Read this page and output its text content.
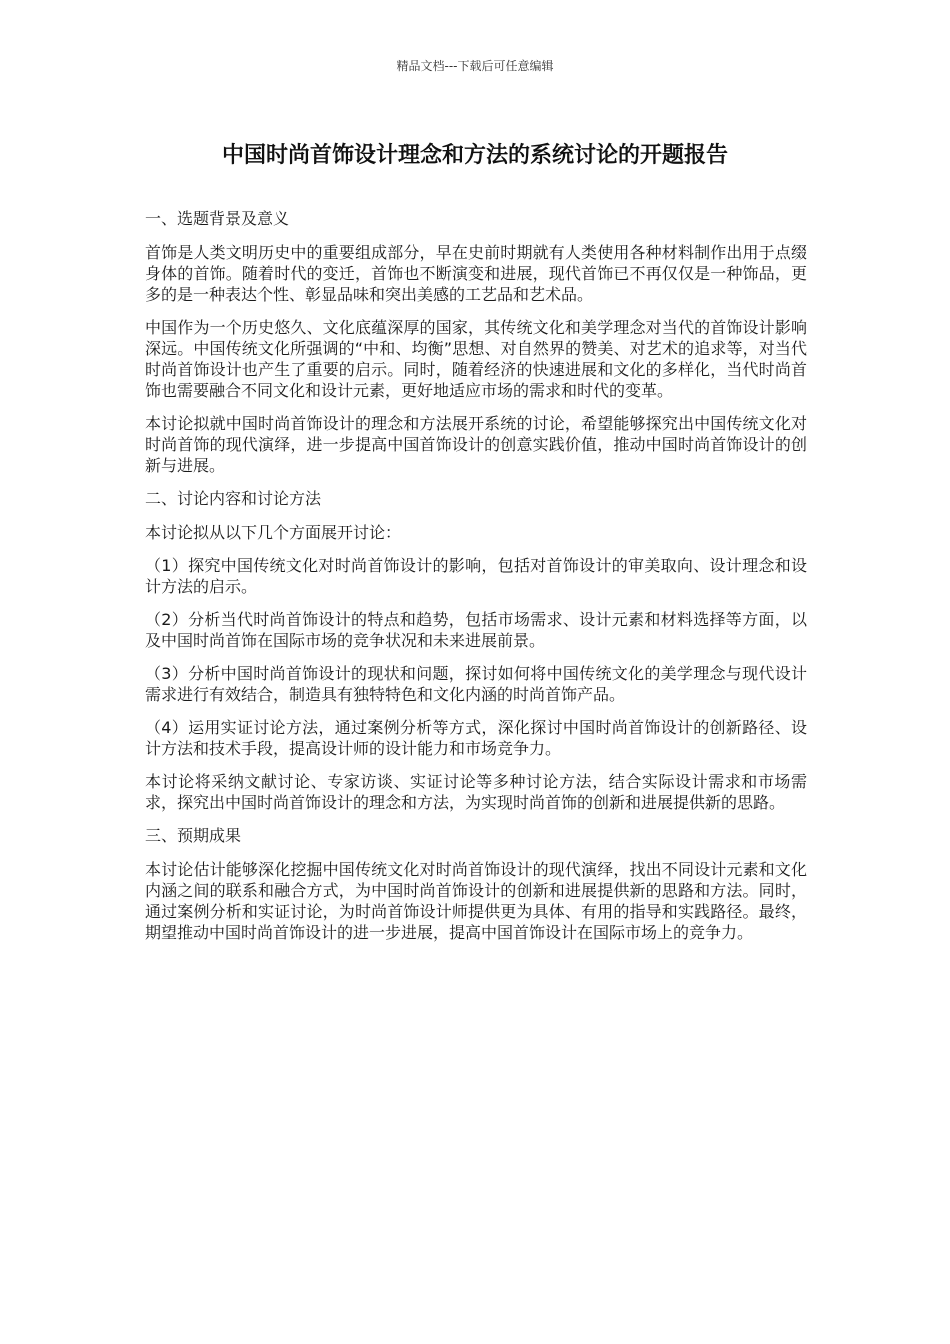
精品文档---下载后可任意编辑
中国时尚首饰设计理念和方法的系统讨论的开题报告
一、选题背景及意义

首饰是人类文明历史中的重要组成部分，早在史前时期就有人类使用各种材料制作出用于点缀身体的首饰。随着时代的变迁，首饰也不断演变和进展，现代首饰已不再仅仅是一种饰品，更多的是一种表达个性、彰显品味和突出美感的工艺品和艺术品。

中国作为一个历史悠久、文化底蕴深厚的国家，其传统文化和美学理念对当代的首饰设计影响深远。中国传统文化所强调的“中和、均衡”思想、对自然界的赞美、对艺术的追求等，对当代时尚首饰设计也产生了重要的启示。同时，随着经济的快速进展和文化的多样化，当代时尚首饰也需要融合不同文化和设计元素，更好地适应市场的需求和时代的变革。

本讨论拟就中国时尚首饰设计的理念和方法展开系统的讨论，希望能够探究出中国传统文化对时尚首饰的现代演绎，进一步提高中国首饰设计的创意实践价值，推动中国时尚首饰设计的创新与进展。

二、讨论内容和讨论方法

本讨论拟从以下几个方面展开讨论：

（1）探究中国传统文化对时尚首饰设计的影响，包括对首饰设计的审美取向、设计理念和设计方法的启示。

（2）分析当代时尚首饰设计的特点和趋势，包括市场需求、设计元素和材料选择等方面，以及中国时尚首饰在国际市场的竞争状况和未来进展前景。

（3）分析中国时尚首饰设计的现状和问题，探讨如何将中国传统文化的美学理念与现代设计需求进行有效结合，制造具有独特特色和文化内涵的时尚首饰产品。

（4）运用实证讨论方法，通过案例分析等方式，深化探讨中国时尚首饰设计的创新路径、设计方法和技术手段，提高设计师的设计能力和市场竞争力。

本讨论将采纳文献讨论、专家访谈、实证讨论等多种讨论方法，结合实际设计需求和市场需求，探究出中国时尚首饰设计的理念和方法，为实现时尚首饰的创新和进展提供新的思路。

三、预期成果

本讨论估计能够深化挖掘中国传统文化对时尚首饰设计的现代演绎，找出不同设计元素和文化内涵之间的联系和融合方式，为中国时尚首饰设计的创新和进展提供新的思路和方法。同时，通过案例分析和实证讨论，为时尚首饰设计师提供更为具体、有用的指导和实践路径。最终，期望推动中国时尚首饰设计的进一步进展，提高中国首饰设计在国际市场上的竞争力。
